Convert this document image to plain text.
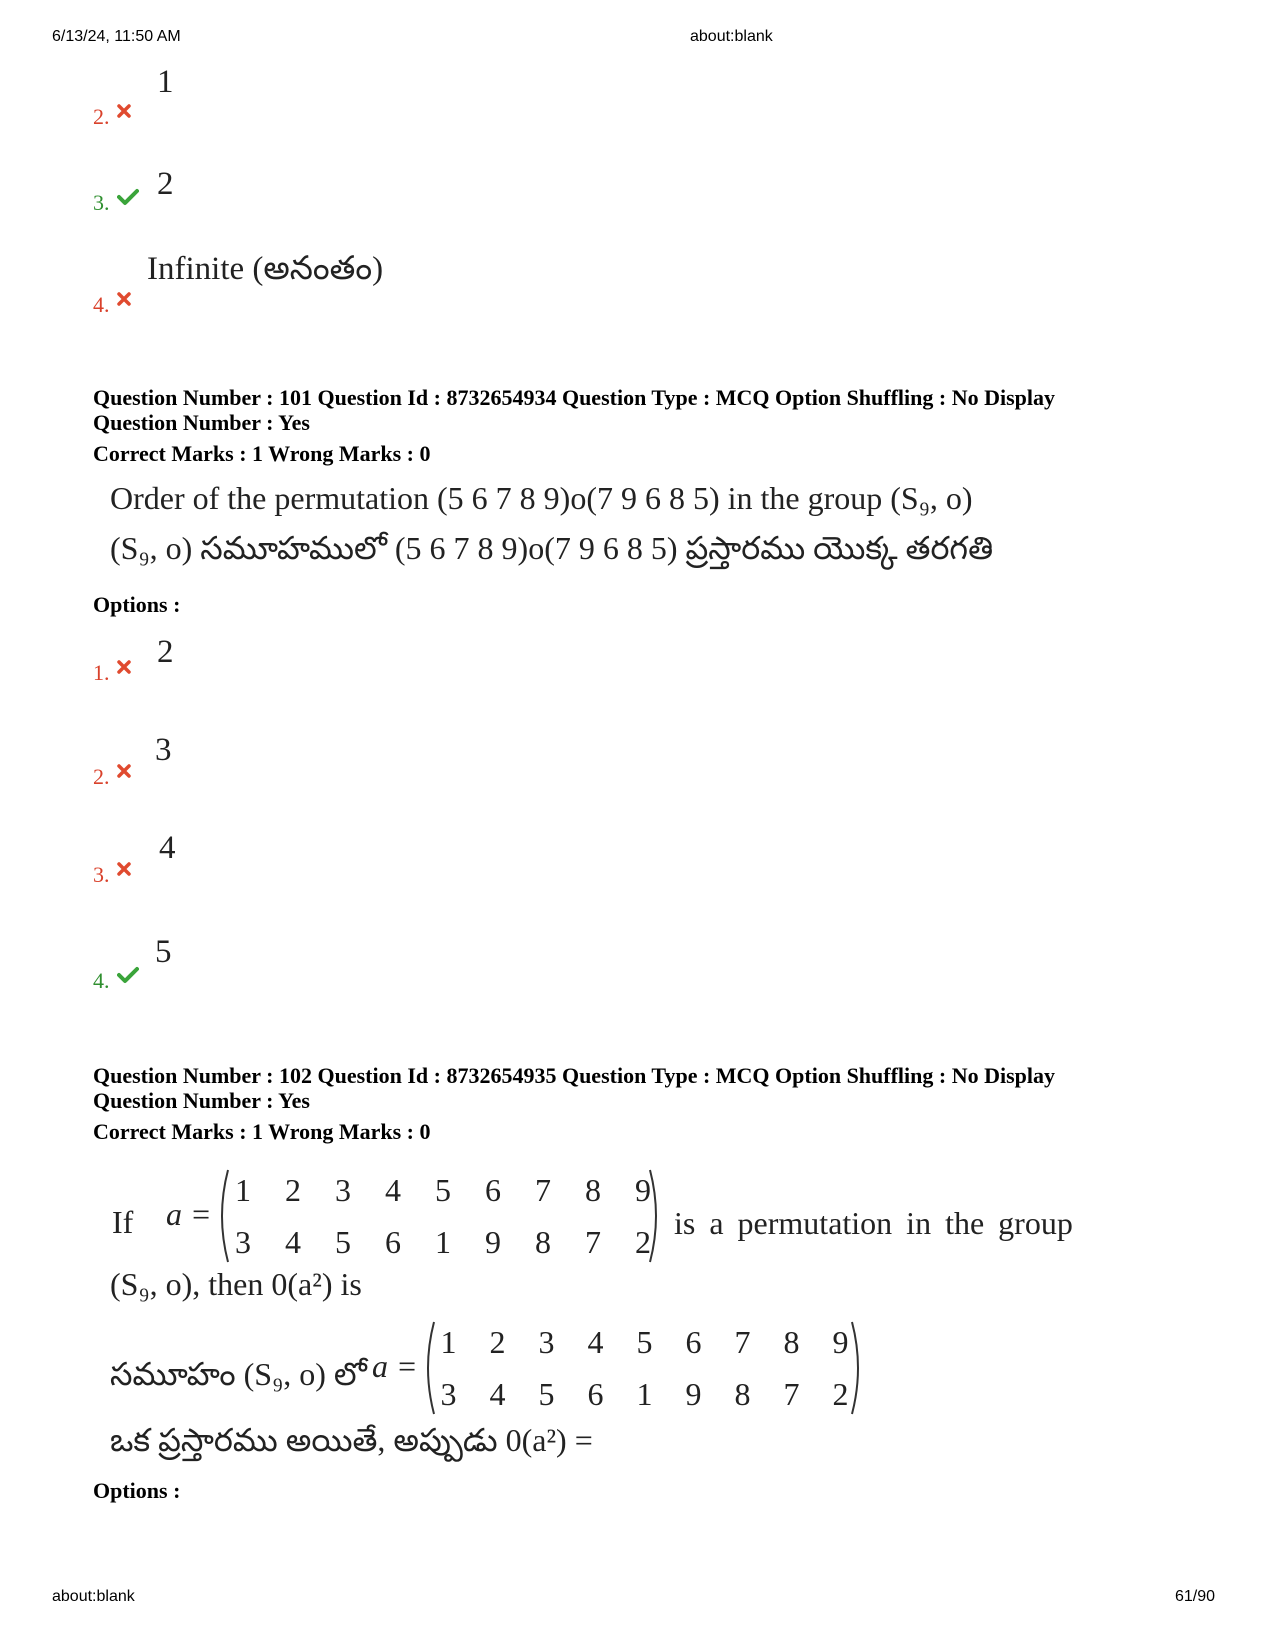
6/13/24, 11:50 AM	about:blank
2.
1
3.
2
4.
Infinite (అనంతం)
Question Number : 101 Question Id : 8732654934 Question Type : MCQ Option Shuffling : No Display
Question Number : Yes
Correct Marks : 1 Wrong Marks : 0
Order of the permutation (5 6 7 8 9)o(7 9 6 8 5) in the group (S₉, o)
(S₉, o) సమూహములో (5 6 7 8 9)o(7 9 6 8 5) ప్రస్తారము యొక్క తరగతి
Options :
1.
2
2.
3
3.
4
4.
5
Question Number : 102 Question Id : 8732654935 Question Type : MCQ Option Shuffling : No Display
Question Number : Yes
Correct Marks : 1 Wrong Marks : 0
If a =
1	2	3	4	5	6	7	8	9
3	4	5	6	1	9	8	7	2
is a permutation in the group
(S₉, o), then 0(a²) is
సమూహం (S₉, o) లో a =
1	2	3	4	5	6	7	8	9
3	4	5	6	1	9	8	7	2
ఒక ప్రస్తారము అయితే, అప్పుడు 0(a²) =
Options :
about:blank	61/90
